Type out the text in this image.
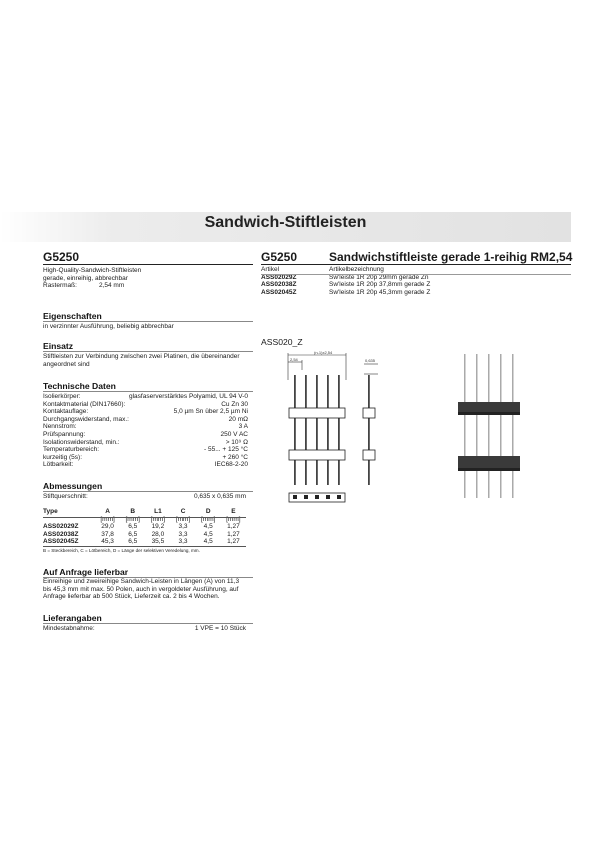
Sandwich-Stiftleisten
G5250
High-Quality-Sandwich-Stiftleisten
gerade, einreihig, abbrechbar
Rastermaß:	2,54 mm
Eigenschaften
in verzinnter Ausführung, beliebig abbrechbar
Einsatz
Stiftleisten zur Verbindung zwischen zwei Platinen, die übereinander
angeordnet sind
Technische Daten
Isolierkörper:	glasfaserverstärktes Polyamid, UL 94 V-0
Kontaktmaterial (DIN17660):	Cu Zn 30
Kontaktauflage:	5,0 µm Sn über 2,5 µm Ni
Durchgangswiderstand, max.:	20 mΩ
Nennstrom:	3 A
Prüfspannung:	250 V AC
Isolationswiderstand, min.:	> 10⁹ Ω
Temperaturbereich:	- 55... + 125 °C
kurzeitig (5s):	+ 260 °C
Lötbarkeit:	IEC68-2-20
Abmessungen
Stiftquerschnitt:	0,635 x 0,635 mm
Type	A	B	L1	C	D	E
	[mm]	[mm]	[mm]	[mm]	[mm]	[mm]
ASS02029Z	29,0	6,5	19,2	3,3	4,5	1,27
ASS02038Z	37,8	6,5	28,0	3,3	4,5	1,27
ASS02045Z	45,3	6,5	35,5	3,3	4,5	1,27
B = Steckbereich, C = Lötbereich, D = Länge der selektiven Veredelung, mm.
Auf Anfrage lieferbar
Einreihige und zweireihige Sandwich-Leisten in Längen (A) von 11,3
bis 45,3 mm mit max. 50 Polen, auch in vergoldeter Ausführung, auf
Anfrage lieferbar ab 500 Stück, Lieferzeit ca. 2 bis 4 Wochen.
Lieferangaben
Mindestabnahme:	1 VPE = 10 Stück
G5250	Sandwichstiftleiste gerade 1-reihig RM2,54
Artikel	Artikelbezeichnung
ASS02029Z	Sw'leiste 1R 20p 29mm gerade Zn
ASS02038Z	Sw'leiste 1R 20p 37,8mm gerade Z
ASS02045Z	Sw'leiste 1R 20p 45,3mm gerade Z
ASS020_Z
(n-1)x2,54
2,54	0,635
